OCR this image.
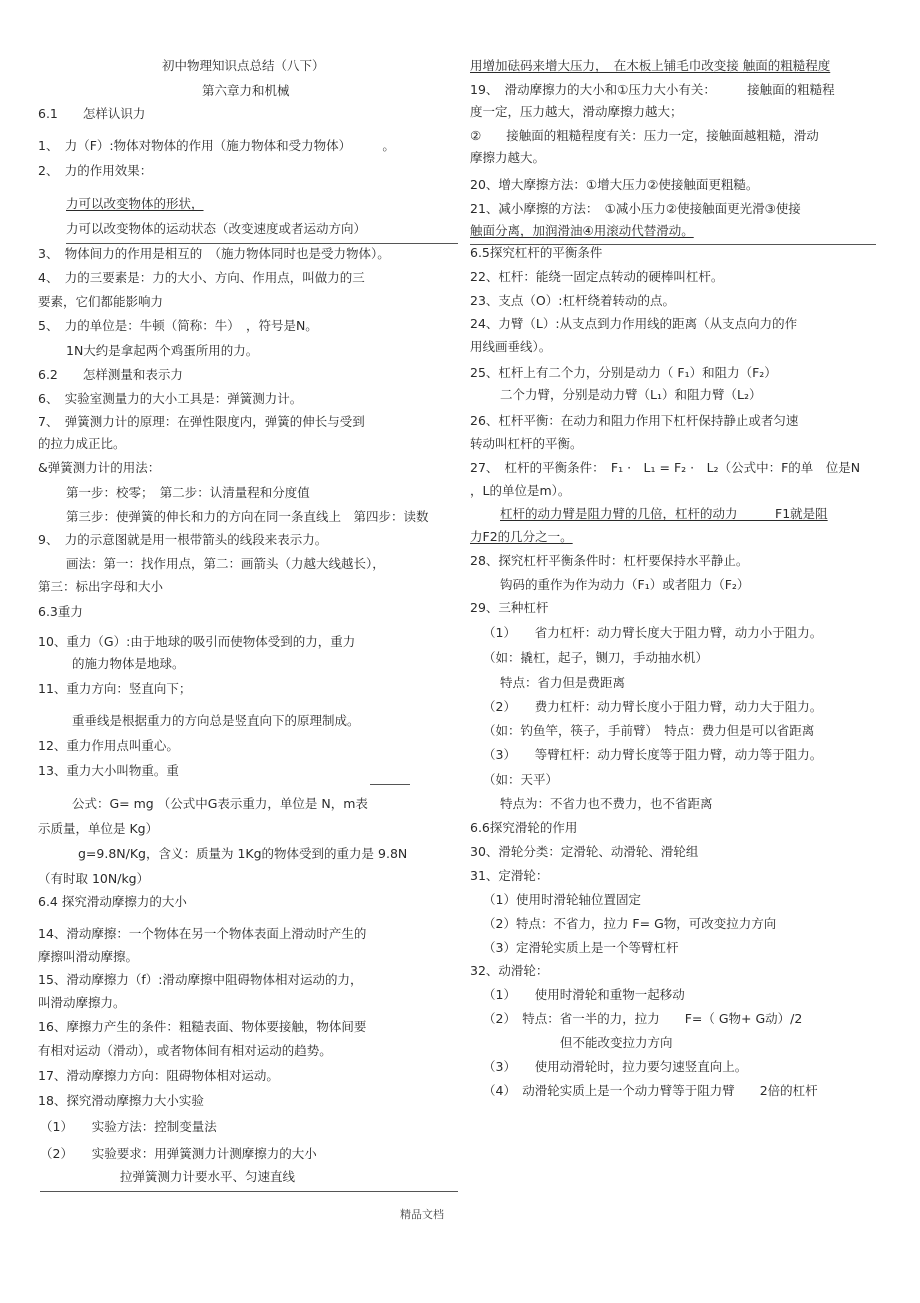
初中物理知识点总结（八下）
第六章力和机械
6.1　　怎样认识力
1、　力（F）:物体对物体的作用（施力物体和受力物体）　　　。
2、　力的作用效果：
力可以改变物体的形状，
力可以改变物体的运动状态（改变速度或者运动方向）
3、　物体间力的作用是相互的　（施力物体同时也是受力物体）。
4、　力的三要素是：力的大小、方向、作用点，叫做力的三
要素，它们都能影响力
5、　力的单位是：牛顿（简称：牛）　，符号是N。
1N大约是拿起两个鸡蛋所用的力。
6.2　　怎样测量和表示力
6、　实验室测量力的大小工具是：弹簧测力计。
7、　弹簧测力计的原理：在弹性限度内，弹簧的伸长与受到
的拉力成正比。
&弹簧测力计的用法：
第一步：校零；　第二步：认清量程和分度值
第三步：使弹簧的伸长和力的方向在同一条直线上　第四步：读数
9、　力的示意图就是用一根带箭头的线段来表示力。
画法：第一：找作用点，第二：画箭头（力越大线越长），
第三：标出字母和大小
6.3重力
10、重力（G）:由于地球的吸引而使物体受到的力，重力
的施力物体是地球。
11、重力方向：竖直向下；
重垂线是根据重力的方向总是竖直向下的原理制成。
12、重力作用点叫重心。
13、重力大小叫物重。重
公式：G= mg （公式中G表示重力，单位是 N，m表
示质量，单位是 Kg）
g=9.8N/Kg，含义：质量为 1Kg的物体受到的重力是 9.8N
（有时取 10N/kg）
6.4 探究滑动摩擦力的大小
14、滑动摩擦：一个物体在另一个物体表面上滑动时产生的
摩擦叫滑动摩擦。
15、滑动摩擦力（f）:滑动摩擦中阻碍物体相对运动的力，
叫滑动摩擦力。
16、摩擦力产生的条件：粗糙表面、物体要接触，物体间要
有相对运动（滑动），或者物体间有相对运动的趋势。
17、滑动摩擦力方向：阻碍物体相对运动。
18、探究滑动摩擦力大小实验
（1）　　实验方法：控制变量法
（2）　　实验要求：用弹簧测力计测摩擦力的大小
拉弹簧测力计要水平、匀速直线
用增加砝码来增大压力，　在木板上铺毛巾改变接 触面的粗糙程度
19、　滑动摩擦力的大小和①压力大小有关：　　　接触面的粗糙程
度一定，压力越大，滑动摩擦力越大；
②　　接触面的粗糙程度有关：压力一定，接触面越粗糙，滑动
摩擦力越大。
20、增大摩擦方法：①增大压力②使接触面更粗糙。
21、减小摩擦的方法：　①减小压力②使接触面更光滑③使接
触面分离，加润滑油④用滚动代替滑动。
6.5探究杠杆的平衡条件
22、杠杆：能绕一固定点转动的硬棒叫杠杆。
23、支点（O）:杠杆绕着转动的点。
24、力臂（L）:从支点到力作用线的距离（从支点向力的作
用线画垂线）。
25、杠杆上有二个力，分别是动力（ F₁）和阻力（F₂）
二个力臂，分别是动力臂（L₁）和阻力臂（L₂）
26、杠杆平衡：在动力和阻力作用下杠杆保持静止或者匀速
转动叫杠杆的平衡。
27、　杠杆的平衡条件：　F₁ ·　L₁ = F₂ ·　L₂（公式中：F的单　位是N
，L的单位是m）。
杠杆的动力臂是阻力臂的几倍，杠杆的动力　　　F1就是阻
力F2的几分之一。
28、探究杠杆平衡条件时：杠杆要保持水平静止。
钩码的重作为作为动力（F₁）或者阻力（F₂）
29、三种杠杆
（1）　　省力杠杆：动力臂长度大于阻力臂，动力小于阻力。
（如：撬杠，起子，铡刀，手动抽水机）
特点：省力但是费距离
（2）　　费力杠杆：动力臂长度小于阻力臂，动力大于阻力。
（如：钓鱼竿，筷子，手前臂）　特点：费力但是可以省距离
（3）　　等臂杠杆：动力臂长度等于阻力臂，动力等于阻力。
（如：天平）
特点为：不省力也不费力，也不省距离
6.6探究滑轮的作用
30、滑轮分类：定滑轮、动滑轮、滑轮组
31、定滑轮：
（1）使用时滑轮轴位置固定
（2）特点：不省力，拉力 F= G物，可改变拉力方向
（3）定滑轮实质上是一个等臂杠杆
32、动滑轮：
（1）　　使用时滑轮和重物一起移动
（2）　特点：省一半的力，拉力　　F=（ G物+ G动）/2
但不能改变拉力方向
（3）　　使用动滑轮时，拉力要匀速竖直向上。
（4）　动滑轮实质上是一个动力臂等于阻力臂　　2倍的杠杆
精品文档
